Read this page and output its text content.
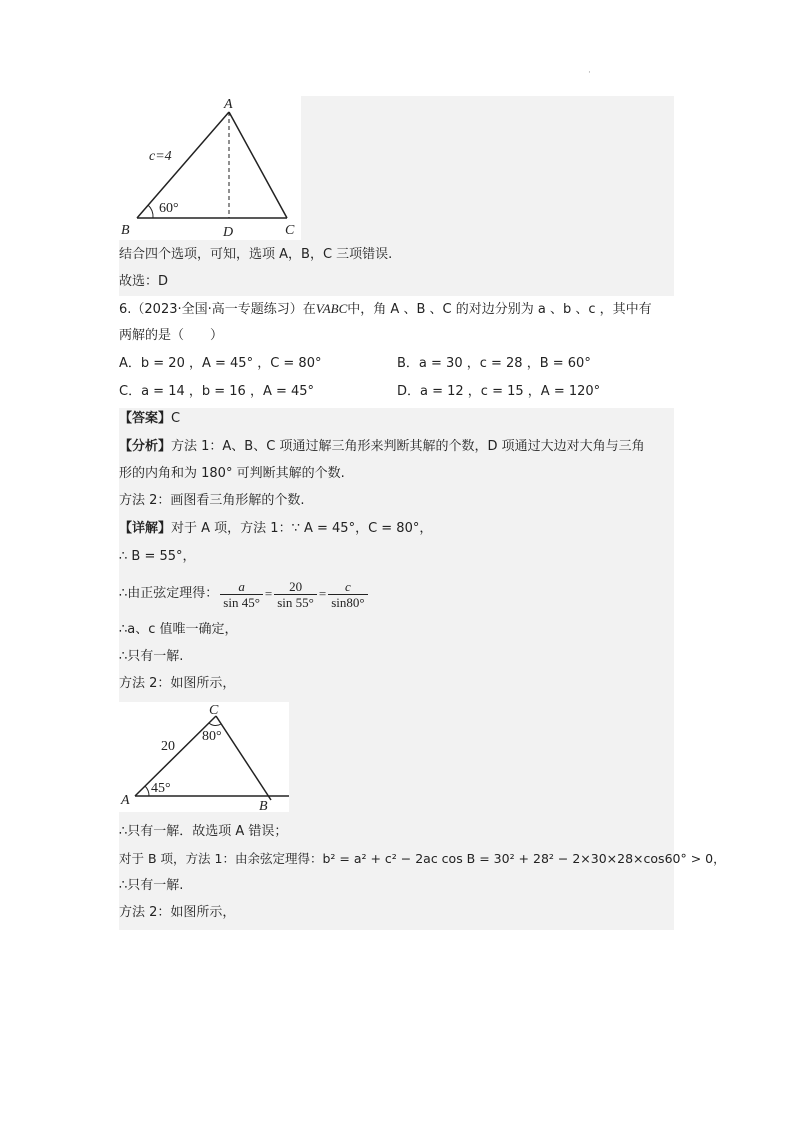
·
A
B	C
D
c=4
60°
结合四个选项，可知，选项 A，B，C 三项错误.
故选：D
6.（2023·全国·高一专题练习）在VABC中，角 A 、B 、C 的对边分别为 a 、b 、c ，其中有
两解的是（　　）
A．b = 20 ，A = 45° ，C = 80°	B．a = 30 ，c = 28 ，B = 60°
C．a = 14 ，b = 16 ，A = 45°	D．a = 12 ，c = 15 ，A = 120°
【答案】C
【分析】方法 1：A、B、C 项通过解三角形来判断其解的个数，D 项通过大边对大角与三角
形的内角和为 180° 可判断其解的个数.
方法 2：画图看三角形解的个数.
【详解】对于 A 项，方法 1：∵ A = 45°，C = 80°，
∴ B = 55°，
∴由正弦定理得： $\frac{a}{\sin 45^\circ} = \frac{20}{\sin 55^\circ} = \frac{c}{\sin 80^\circ}$
∴a、c 值唯一确定，
∴只有一解.
方法 2：如图所示，
A	B
C
20
45°
80°
∴只有一解．故选项 A 错误；
对于 B 项，方法 1：由余弦定理得：b² = a² + c² − 2ac cos B = 30² + 28² − 2×30×28×cos60° > 0，
∴只有一解.
方法 2：如图所示，
